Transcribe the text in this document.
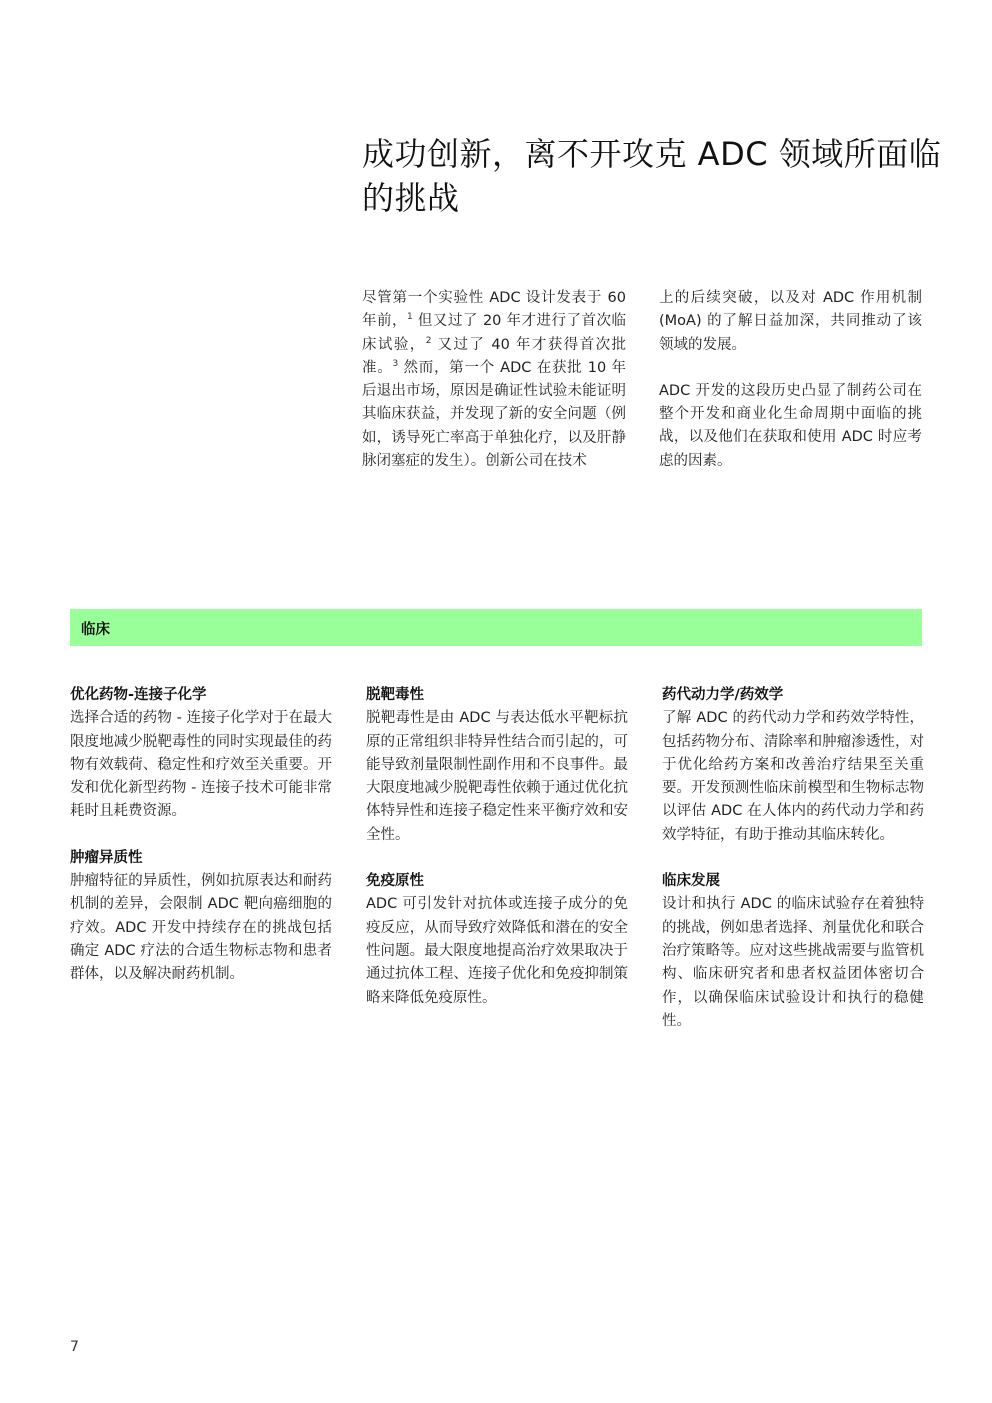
成功创新，离不开攻克 ADC 领域所面临的挑战

尽管第一个实验性 ADC 设计发表于 60 年前，$^1$ 但又过了 20 年才进行了首次临床试验，$^2$ 又过了 40 年才获得首次批准。$^3$ 然而，第一个 ADC 在获批 10 年后退出市场，原因是确证性试验未能证明其临床获益，并发现了新的安全问题（例如，诱导死亡率高于单独化疗，以及肝静脉闭塞症的发生）。创新公司在技术

上的后续突破，以及对 ADC 作用机制 (MoA) 的了解日益加深，共同推动了该领域的发展。

ADC 开发的这段历史凸显了制药公司在整个开发和商业化生命周期中面临的挑战，以及他们在获取和使用 ADC 时应考虑的因素。

临床
优化药物-连接子化学

选择合适的药物 - 连接子化学对于在最大限度地减少脱靶毒性的同时实现最佳的药物有效载荷、稳定性和疗效至关重要。开发和优化新型药物 - 连接子技术可能非常耗时且耗费资源。

肿瘤异质性

肿瘤特征的异质性，例如抗原表达和耐药机制的差异，会限制 ADC 靶向癌细胞的疗效。ADC 开发中持续存在的挑战包括确定 ADC 疗法的合适生物标志物和患者群体，以及解决耐药机制。

脱靶毒性

脱靶毒性是由 ADC 与表达低水平靶标抗原的正常组织非特异性结合而引起的，可能导致剂量限制性副作用和不良事件。最大限度地减少脱靶毒性依赖于通过优化抗体特异性和连接子稳定性来平衡疗效和安全性。

免疫原性

ADC 可引发针对抗体或连接子成分的免疫反应，从而导致疗效降低和潜在的安全性问题。最大限度地提高治疗效果取决于通过抗体工程、连接子优化和免疫抑制策略来降低免疫原性。

药代动力学/药效学

了解 ADC 的药代动力学和药效学特性，包括药物分布、清除率和肿瘤渗透性，对于优化给药方案和改善治疗结果至关重要。开发预测性临床前模型和生物标志物以评估 ADC 在人体内的药代动力学和药效学特征，有助于推动其临床转化。

临床发展

设计和执行 ADC 的临床试验存在着独特的挑战，例如患者选择、剂量优化和联合治疗策略等。应对这些挑战需要与监管机构、临床研究者和患者权益团体密切合作，以确保临床试验设计和执行的稳健性。

7
